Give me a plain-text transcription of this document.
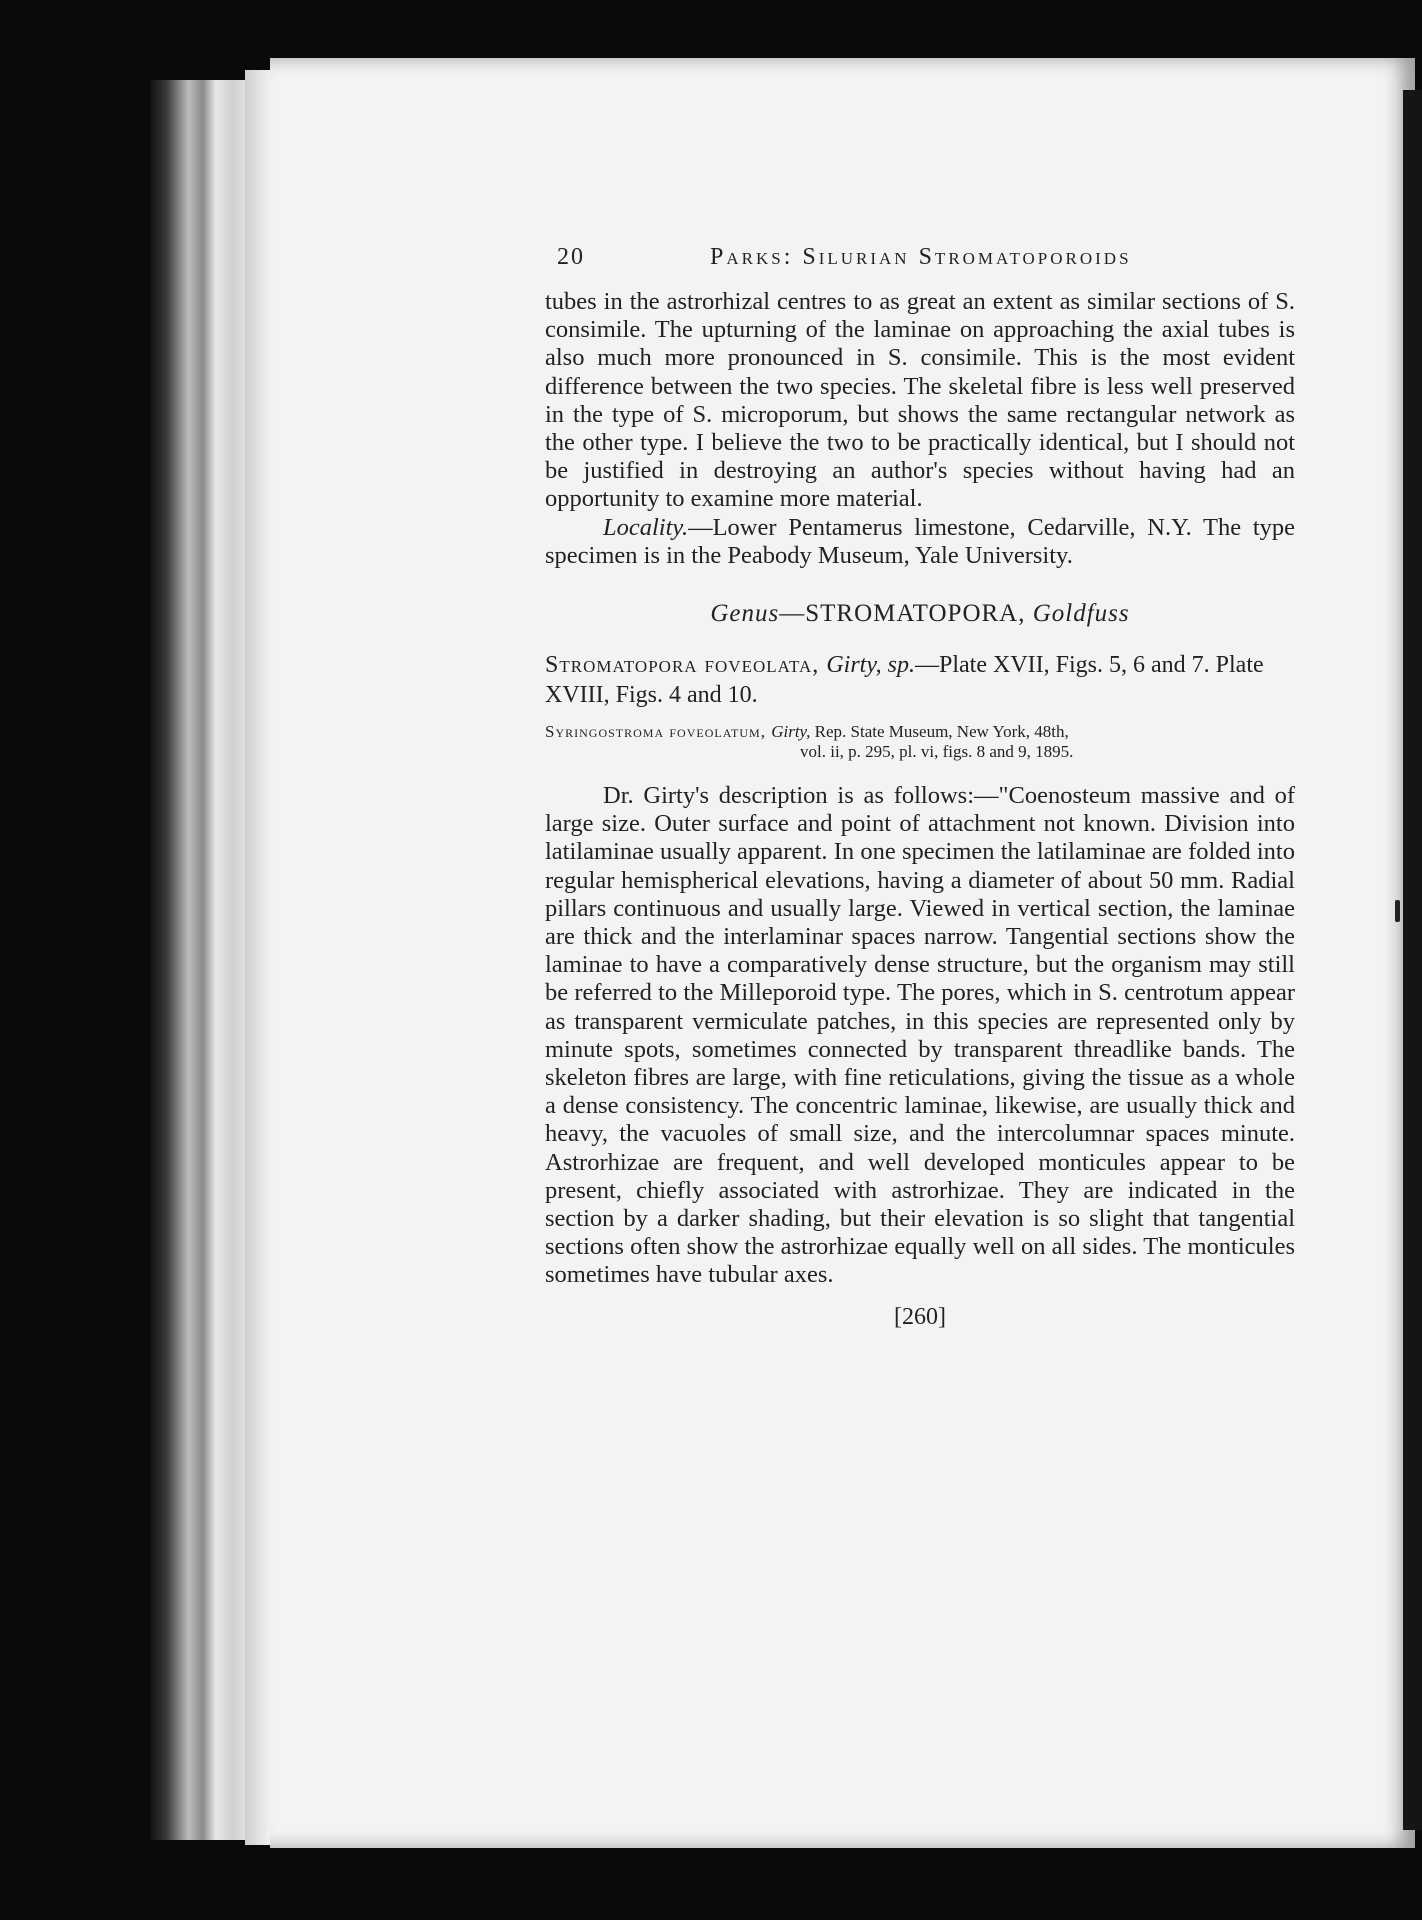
20	Parks: Silurian Stromatoporoids

tubes in the astrorhizal centres to as great an extent as similar sections of S. consimile. The upturning of the laminae on approaching the axial tubes is also much more pronounced in S. consimile. This is the most evident difference between the two species. The skeletal fibre is less well preserved in the type of S. microporum, but shows the same rectangular network as the other type. I believe the two to be practically identical, but I should not be justified in destroying an author's species without having had an opportunity to examine more material.

Locality.—Lower Pentamerus limestone, Cedarville, N.Y. The type specimen is in the Peabody Museum, Yale University.

Genus—STROMATOPORA, Goldfuss

Stromatopora foveolata, Girty, sp.—Plate XVII, Figs. 5, 6 and 7. Plate XVIII, Figs. 4 and 10.

Syringostroma foveolatum, Girty, Rep. State Museum, New York, 48th,
vol. ii, p. 295, pl. vi, figs. 8 and 9, 1895.

Dr. Girty's description is as follows:—"Coenosteum massive and of large size. Outer surface and point of attachment not known. Division into latilaminae usually apparent. In one specimen the latilaminae are folded into regular hemispherical elevations, having a diameter of about 50 mm. Radial pillars continuous and usually large. Viewed in vertical section, the laminae are thick and the interlaminar spaces narrow. Tangential sections show the laminae to have a comparatively dense structure, but the organism may still be referred to the Milleporoid type. The pores, which in S. centrotum appear as transparent vermiculate patches, in this species are represented only by minute spots, sometimes connected by transparent threadlike bands. The skeleton fibres are large, with fine reticulations, giving the tissue as a whole a dense consistency. The concentric laminae, likewise, are usually thick and heavy, the vacuoles of small size, and the intercolumnar spaces minute. Astrorhizae are frequent, and well developed monticules appear to be present, chiefly associated with astrorhizae. They are indicated in the section by a darker shading, but their elevation is so slight that tangential sections often show the astrorhizae equally well on all sides. The monticules sometimes have tubular axes.

[260]
